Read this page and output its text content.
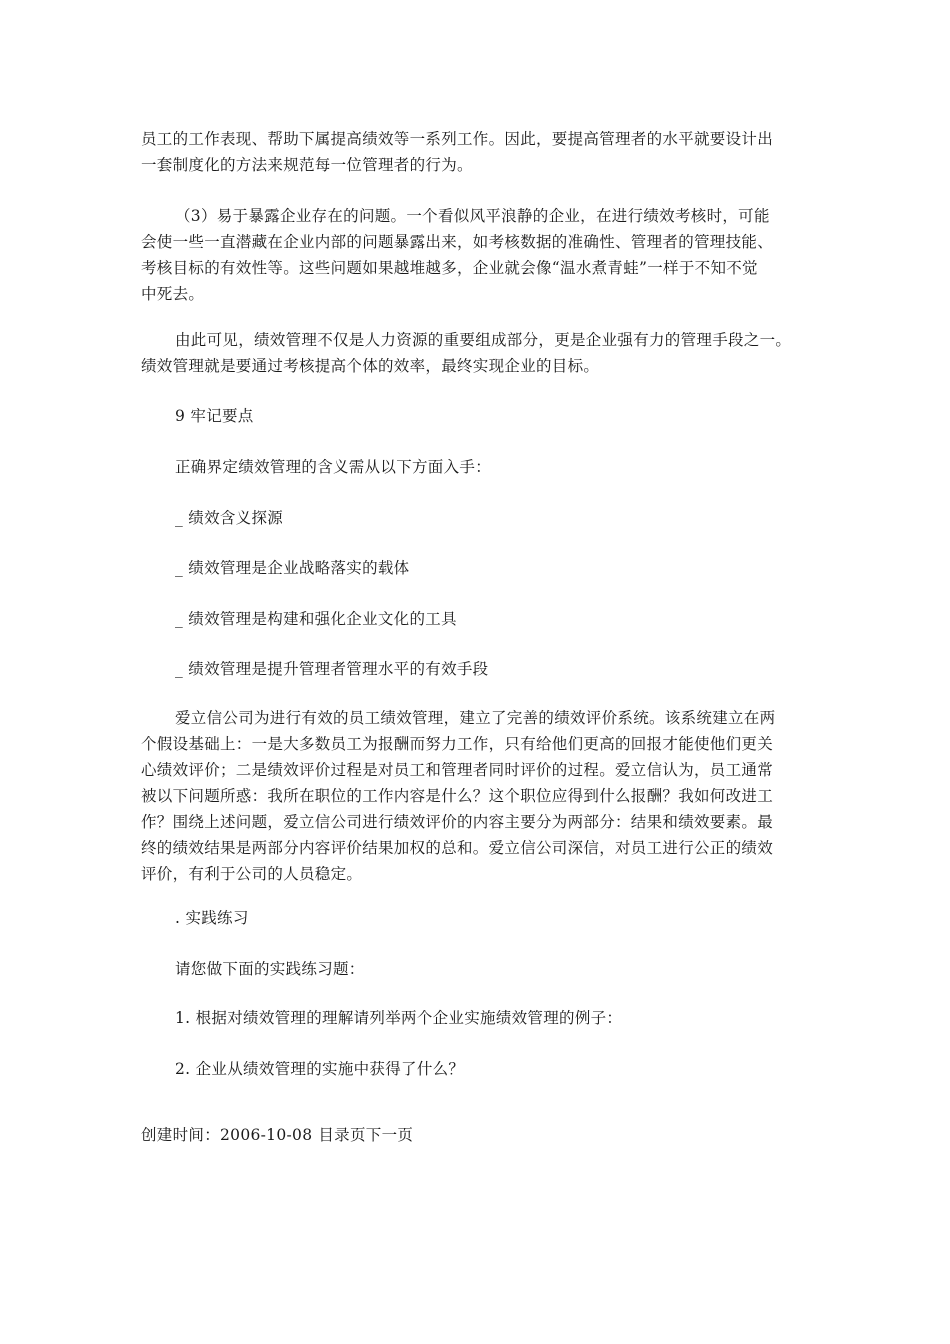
员工的工作表现、帮助下属提高绩效等一系列工作。因此，要提高管理者的水平就要设计出
一套制度化的方法来规范每一位管理者的行为。
（3）易于暴露企业存在的问题。一个看似风平浪静的企业，在进行绩效考核时，可能
会使一些一直潜藏在企业内部的问题暴露出来，如考核数据的准确性、管理者的管理技能、
考核目标的有效性等。这些问题如果越堆越多，企业就会像“温水煮青蛙”一样于不知不觉
中死去。
由此可见，绩效管理不仅是人力资源的重要组成部分，更是企业强有力的管理手段之一。
绩效管理就是要通过考核提高个体的效率，最终实现企业的目标。
9 牢记要点
正确界定绩效管理的含义需从以下方面入手：
_ 绩效含义探源
_ 绩效管理是企业战略落实的载体
_ 绩效管理是构建和强化企业文化的工具
_ 绩效管理是提升管理者管理水平的有效手段
爱立信公司为进行有效的员工绩效管理，建立了完善的绩效评价系统。该系统建立在两
个假设基础上：一是大多数员工为报酬而努力工作，只有给他们更高的回报才能使他们更关
心绩效评价；二是绩效评价过程是对员工和管理者同时评价的过程。爱立信认为，员工通常
被以下问题所惑：我所在职位的工作内容是什么？这个职位应得到什么报酬？我如何改进工
作？围绕上述问题，爱立信公司进行绩效评价的内容主要分为两部分：结果和绩效要素。最
终的绩效结果是两部分内容评价结果加权的总和。爱立信公司深信，对员工进行公正的绩效
评价，有利于公司的人员稳定。
. 实践练习
请您做下面的实践练习题：
1. 根据对绩效管理的理解请列举两个企业实施绩效管理的例子：
2. 企业从绩效管理的实施中获得了什么？
创建时间：2006-10-08 目录页下一页
